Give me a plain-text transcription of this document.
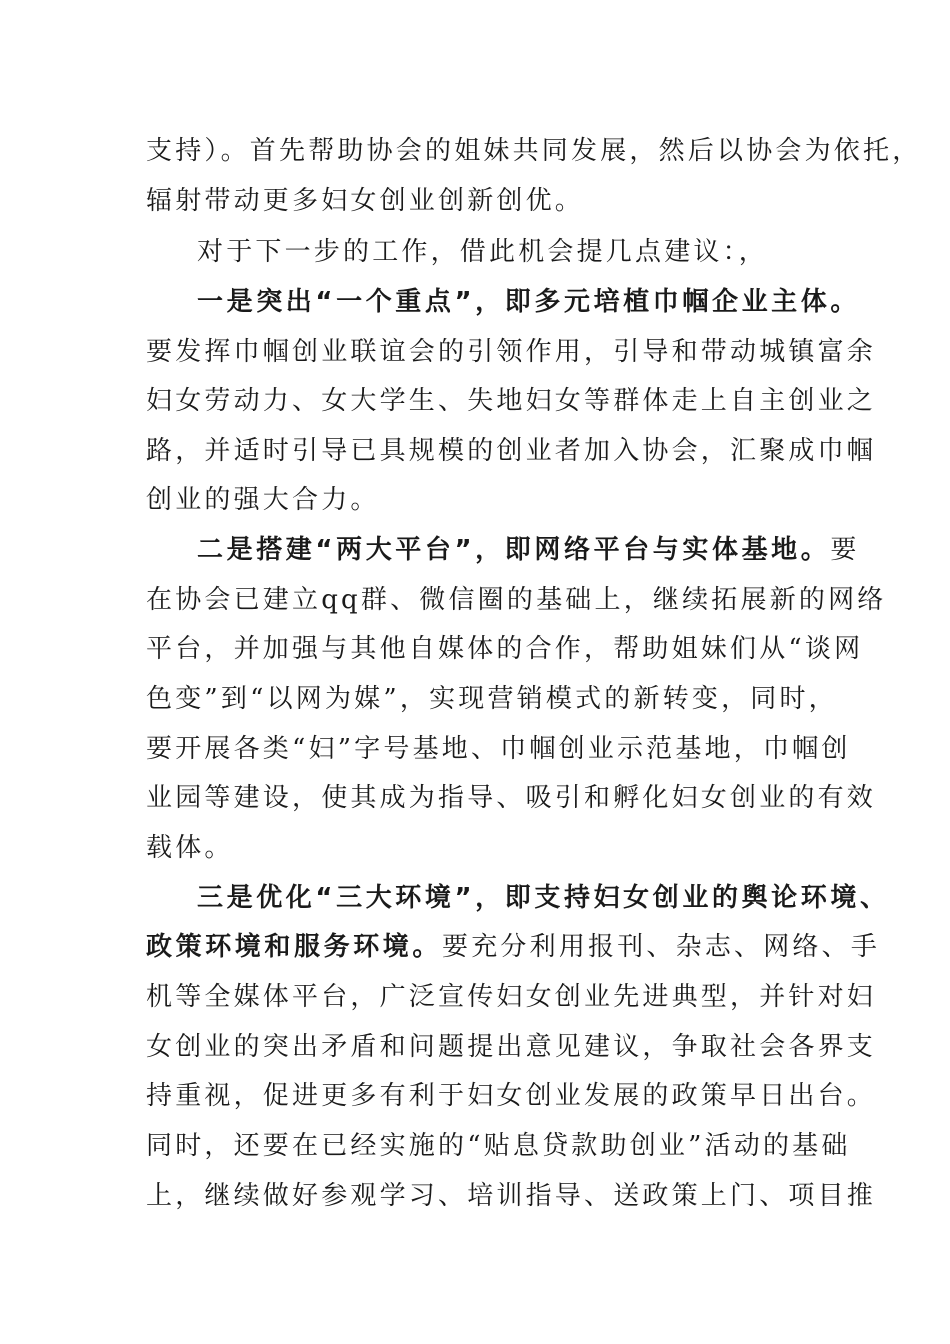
支持）。首先帮助协会的姐妹共同发展，然后以协会为依托，
辐射带动更多妇女创业创新创优。
对于下一步的工作，借此机会提几点建议：，
一是突出“一个重点”，即多元培植巾帼企业主体。
要发挥巾帼创业联谊会的引领作用，引导和带动城镇富余
妇女劳动力、女大学生、失地妇女等群体走上自主创业之
路，并适时引导已具规模的创业者加入协会，汇聚成巾帼
创业的强大合力。
二是搭建“两大平台”，即网络平台与实体基地。要
在协会已建立qq群、微信圈的基础上，继续拓展新的网络
平台，并加强与其他自媒体的合作，帮助姐妹们从“谈网
色变”到“以网为媒”，实现营销模式的新转变，同时，
要开展各类“妇”字号基地、巾帼创业示范基地，巾帼创
业园等建设，使其成为指导、吸引和孵化妇女创业的有效
载体。
三是优化“三大环境”，即支持妇女创业的舆论环境、
政策环境和服务环境。要充分利用报刊、杂志、网络、手
机等全媒体平台，广泛宣传妇女创业先进典型，并针对妇
女创业的突出矛盾和问题提出意见建议，争取社会各界支
持重视，促进更多有利于妇女创业发展的政策早日出台。
同时，还要在已经实施的“贴息贷款助创业”活动的基础
上，继续做好参观学习、培训指导、送政策上门、项目推
